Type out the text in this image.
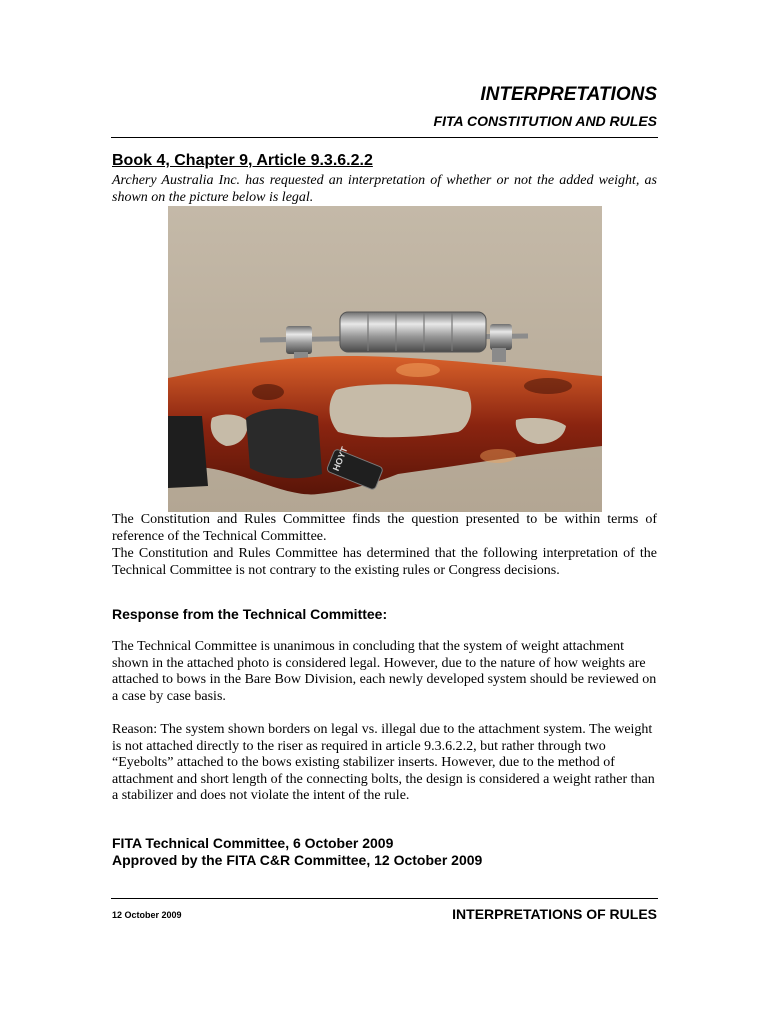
INTERPRETATIONS
FITA CONSTITUTION AND RULES
Book 4, Chapter 9, Article 9.3.6.2.2
Archery Australia Inc. has requested an interpretation of whether or not the added weight, as shown on the picture below is legal.
HOYT
The Constitution and Rules Committee finds the question presented to be within terms of reference of the Technical Committee.
The Constitution and Rules Committee has determined that the following interpretation of the Technical Committee is not contrary to the existing rules or Congress decisions.
Response from the Technical Committee:
The Technical Committee is unanimous in concluding that the system of weight attachment shown in the attached photo is considered legal. However, due to the nature of how weights are attached to bows in the Bare Bow Division, each newly developed system should be reviewed on a case by case basis.
Reason: The system shown borders on legal vs. illegal due to the attachment system. The weight is not attached directly to the riser as required in article 9.3.6.2.2, but rather through two “Eyebolts” attached to the bows existing stabilizer inserts. However, due to the method of attachment and short length of the connecting bolts, the design is considered a weight rather than a stabilizer and does not violate the intent of the rule.
FITA Technical Committee, 6 October 2009
Approved by the FITA C&R Committee, 12 October 2009
12 October 2009	INTERPRETATIONS OF RULES
